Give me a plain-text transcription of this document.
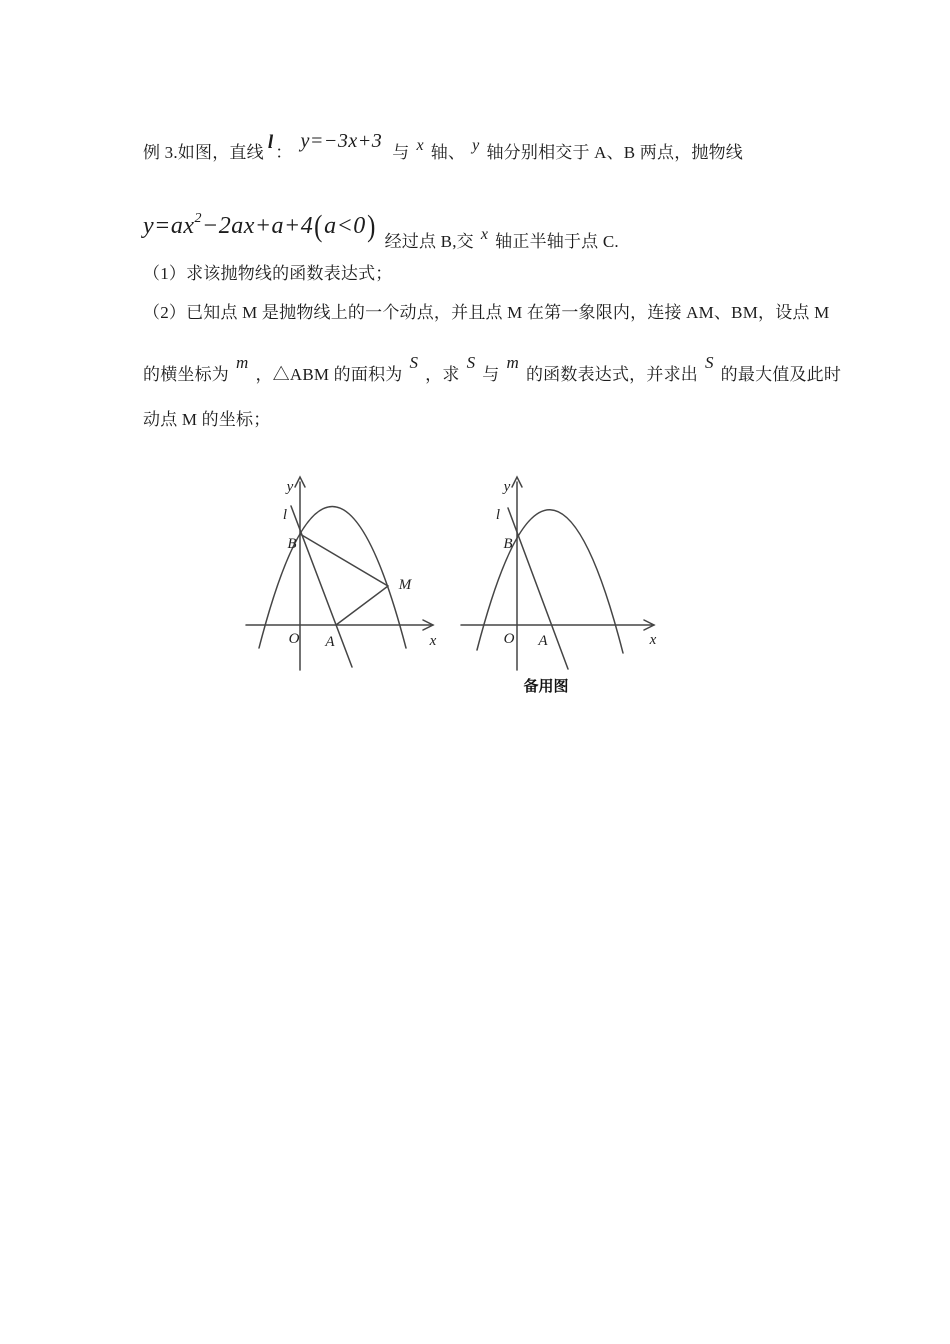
例 3.如图，直线 l ：y=−3x+3与 x 轴、 y 轴分别相交于 A、B 两点，抛物线
$y=ax^2-2ax+a+4(a<0)$ 经过点 B,交 x 轴正半轴于点 C.
（1）求该抛物线的函数表达式；
（2）已知点 M 是抛物线上的一个动点，并且点 M 在第一象限内，连接 AM、BM，设点 M
的横坐标为m，△ABM 的面积为S，求S与m的函数表达式，并求出S的最大值及此时
动点 M 的坐标；
y
l
B
M
O A	x
y
l
B
O A	x
备用图
